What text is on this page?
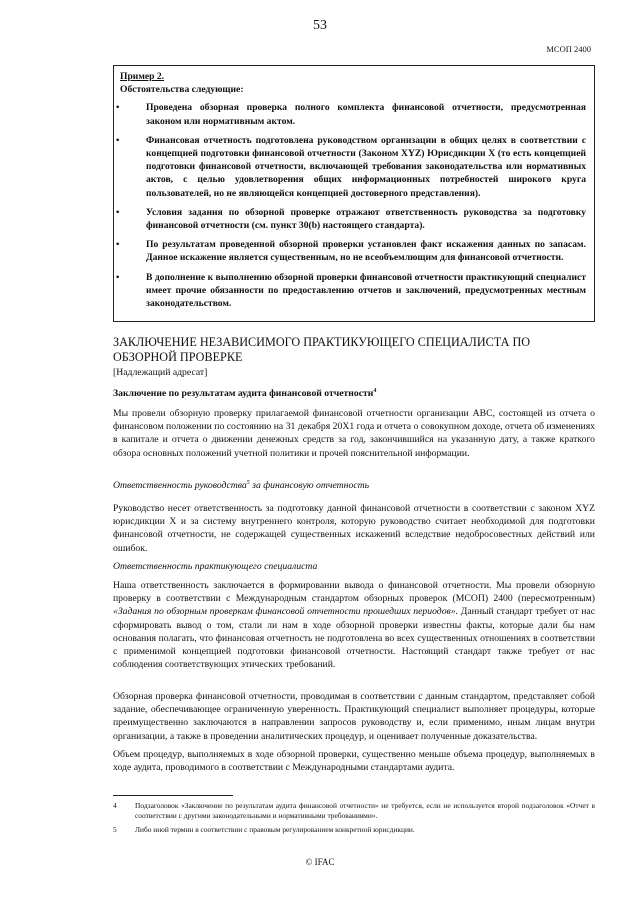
53
МСОП 2400

Пример 2.

Обстоятельства следующие:

•	Проведена обзорная проверка полного комплекта финансовой отчетности, предусмотренная законом или нормативным актом.
•	Финансовая отчетность подготовлена руководством организации в общих целях в соответствии с концепцией подготовки финансовой отчетности (Законом XYZ) Юрисдикции X (то есть концепцией подготовки финансовой отчетности, включающей требования законодательства или нормативных актов, с целью удовлетворения общих информационных потребностей широкого круга пользователей, но не являющейся концепцией достоверного представления).
•	Условия задания по обзорной проверке отражают ответственность руководства за подготовку финансовой отчетности (см. пункт 30(b) настоящего стандарта).
•	По результатам проведенной обзорной проверки установлен факт искажения данных по запасам. Данное искажение является существенным, но не всеобъемлющим для финансовой отчетности.
•	В дополнение к выполнению обзорной проверки финансовой отчетности практикующий специалист имеет прочие обязанности по предоставлению отчетов и заключений, предусмотренных местным законодательством.
ЗАКЛЮЧЕНИЕ НЕЗАВИСИМОГО ПРАКТИКУЮЩЕГО СПЕЦИАЛИСТА ПО ОБЗОРНОЙ ПРОВЕРКЕ
[Надлежащий адресат]
Заключение по результатам аудита финансовой отчетности$^4$

Мы провели обзорную проверку прилагаемой финансовой отчетности организации ABC, состоящей из отчета о финансовом положении по состоянию на 31 декабря 20X1 года и отчета о совокупном доходе, отчета об изменениях в капитале и отчета о движении денежных средств за год, закончившийся на указанную дату, а также краткого обзора основных положений учетной политики и прочей пояснительной информации.

Ответственность руководства$^5$ за финансовую отчетность

Руководство несет ответственность за подготовку данной финансовой отчетности в соответствии с законом XYZ юрисдикции X и за систему внутреннего контроля, которую руководство считает необходимой для подготовки финансовой отчетности, не содержащей существенных искажений вследствие недобросовестных действий или ошибок.

Ответственность практикующего специалиста

Наша ответственность заключается в формировании вывода о финансовой отчетности. Мы провели обзорную проверку в соответствии с Международным стандартом обзорных проверок (МСОП) 2400 (пересмотренным) «Задания по обзорным проверкам финансовой отчетности прошедших периодов». Данный стандарт требует от нас сформировать вывод о том, стали ли нам в ходе обзорной проверки известны факты, которые дали бы нам основания полагать, что финансовая отчетность не подготовлена во всех существенных отношениях в соответствии с применимой концепцией подготовки финансовой отчетности. Настоящий стандарт также требует от нас соблюдения соответствующих этических требований.

Обзорная проверка финансовой отчетности, проводимая в соответствии с данным стандартом, представляет собой задание, обеспечивающее ограниченную уверенность. Практикующий специалист выполняет процедуры, которые преимущественно заключаются в направлении запросов руководству и, если применимо, иным лицам внутри организации, а также в проведении аналитических процедур, и оценивает полученные доказательства.

Объем процедур, выполняемых в ходе обзорной проверки, существенно меньше объема процедур, выполняемых в ходе аудита, проводимого в соответствии с Международными стандартами аудита.

4	Подзаголовок «Заключение по результатам аудита финансовой отчетности» не требуется, если не используется второй подзаголовок «Отчет в соответствии с другими законодательными и нормативными требованиями».
5	Либо иной термин в соответствии с правовым регулированием конкретной юрисдикции.
© IFAC
